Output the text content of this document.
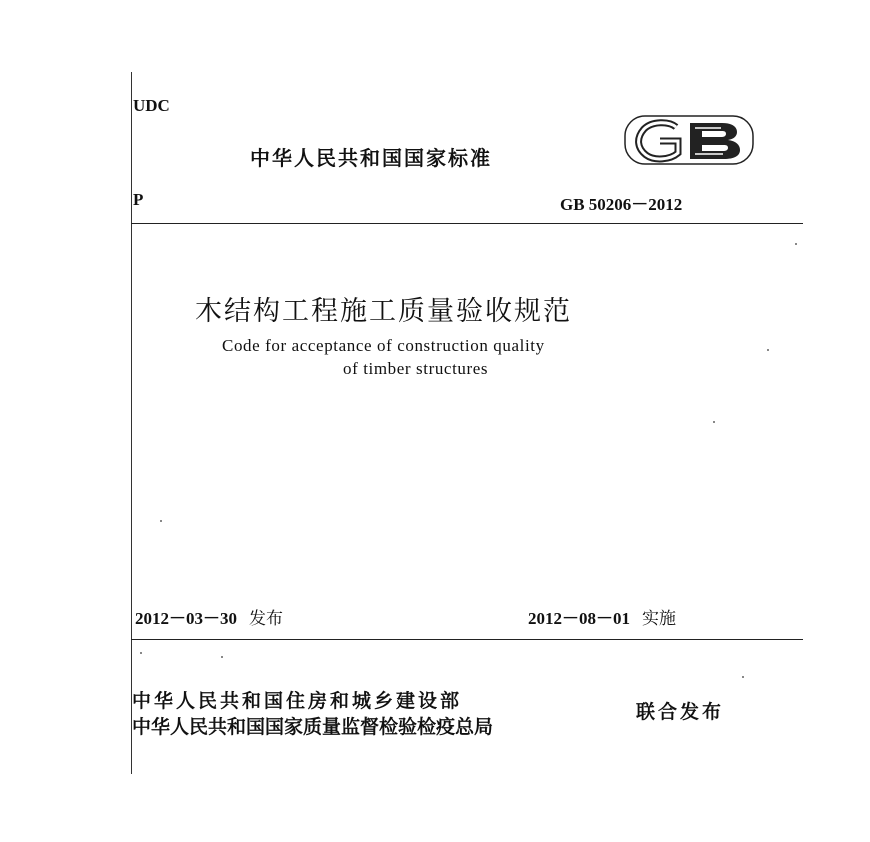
UDC
中华人民共和国国家标准
P	GB 50206－2012
木结构工程施工质量验收规范
Code for acceptance of construction quality
of timber structures
2012－03－30 发布	2012－08－01 实施
中华人民共和国住房和城乡建设部
中华人民共和国国家质量监督检验检疫总局
联合发布
